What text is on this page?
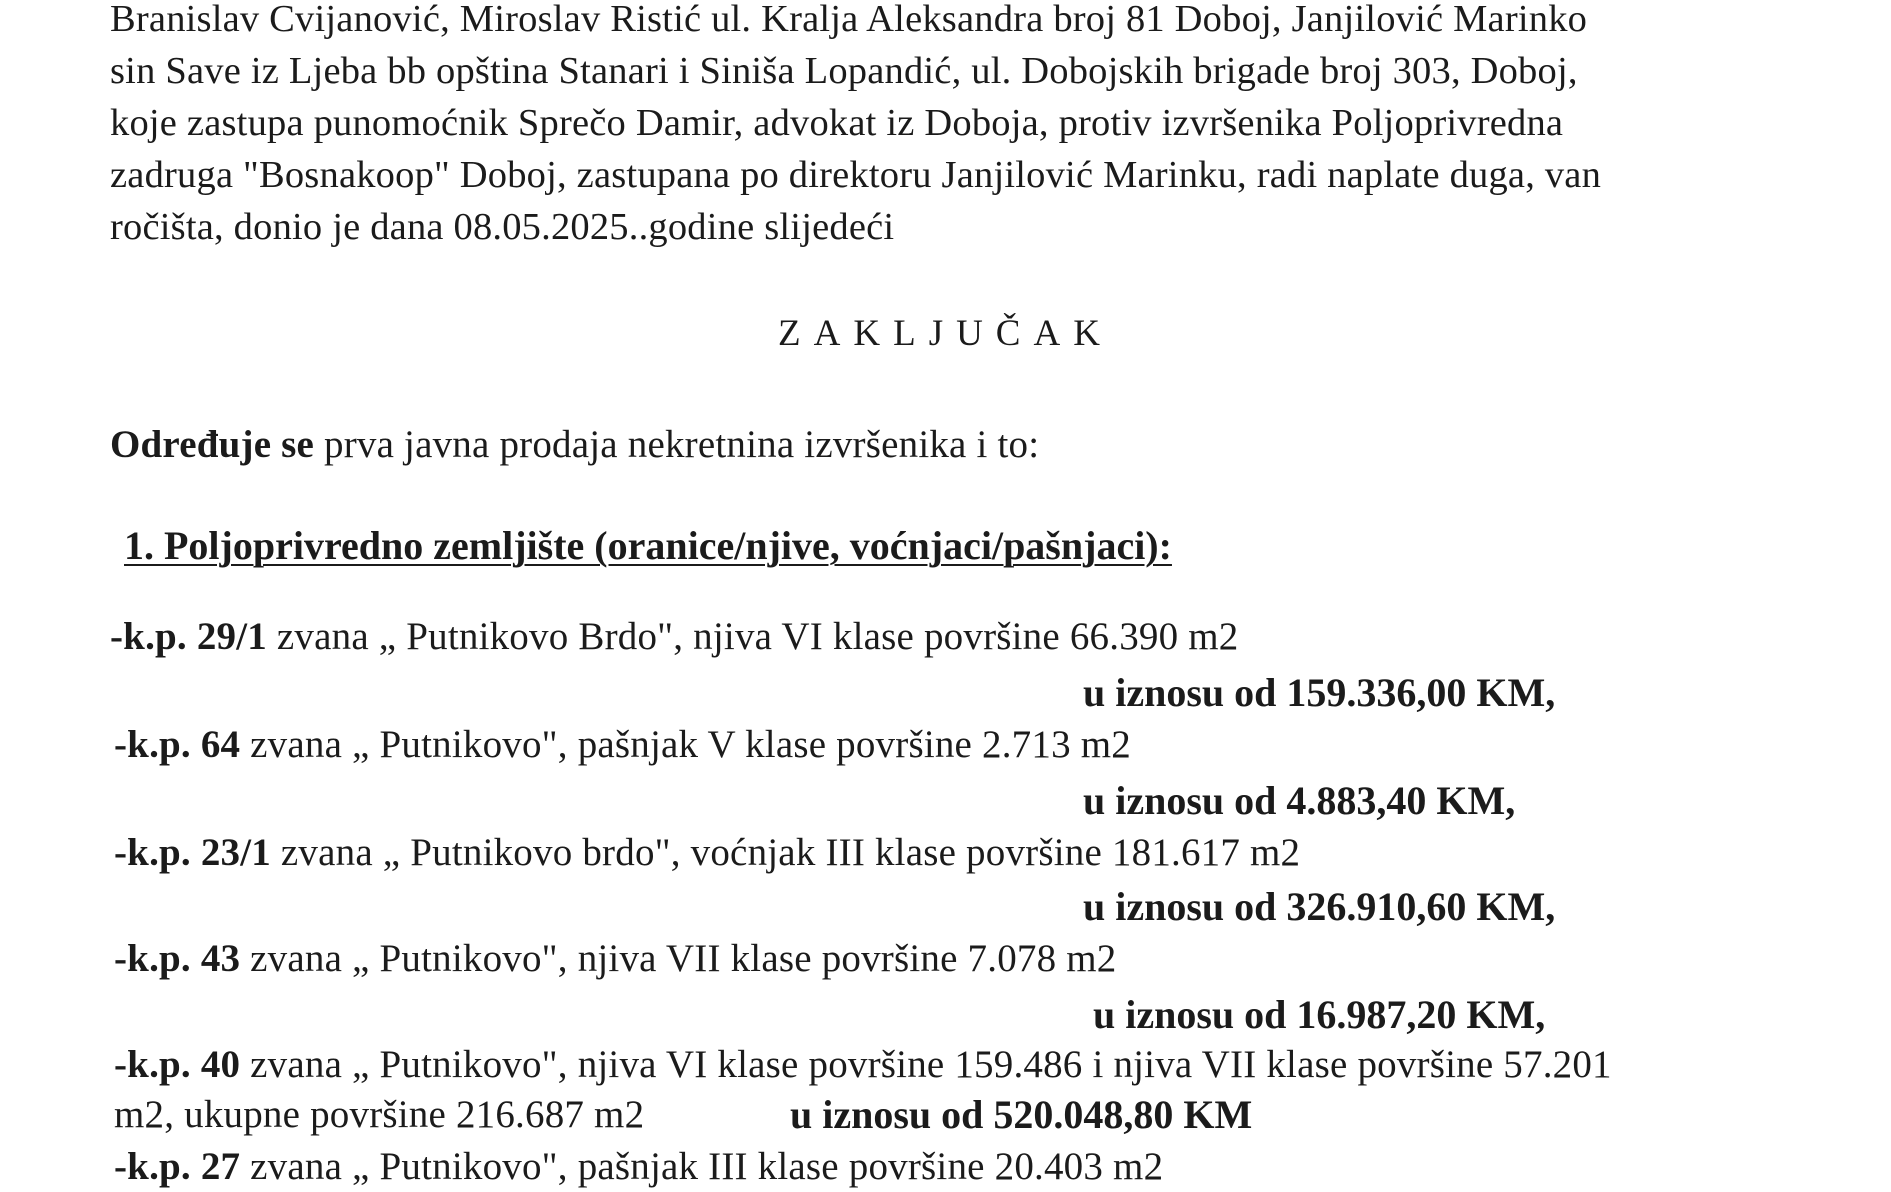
Branislav Cvijanović, Miroslav Ristić ul. Kralja Aleksandra broj 81 Doboj, Janjilović Marinko
sin Save iz Ljeba bb opština Stanari i Siniša Lopandić, ul. Dobojskih brigade broj 303, Doboj,
koje zastupa punomoćnik Sprečo Damir, advokat iz Doboja, protiv izvršenika Poljoprivredna
zadruga "Bosnakoop" Doboj, zastupana po direktoru Janjilović Marinku, radi naplate duga, van
ročišta, donio je dana 08.05.2025..godine slijedeći
ZAKLJUČAK
Određuje se prva javna prodaja nekretnina izvršenika i to:
1. Poljoprivredno zemljište (oranice/njive, voćnjaci/pašnjaci):
-k.p. 29/1 zvana „ Putnikovo Brdo", njiva VI klase površine 66.390 m2
u iznosu od 159.336,00 KM,
-k.p. 64 zvana „ Putnikovo", pašnjak V klase površine 2.713 m2
u iznosu od 4.883,40 KM,
-k.p. 23/1 zvana „ Putnikovo brdo", voćnjak III klase površine 181.617 m2
u iznosu od 326.910,60 KM,
-k.p. 43 zvana „ Putnikovo", njiva VII klase površine 7.078 m2
u iznosu od 16.987,20 KM,
-k.p. 40 zvana „ Putnikovo", njiva VI klase površine 159.486 i njiva VII klase površine 57.201
m2, ukupne površine 216.687 m2	u iznosu od 520.048,80 KM
-k.p. 27 zvana „ Putnikovo", pašnjak III klase površine 20.403 m2
